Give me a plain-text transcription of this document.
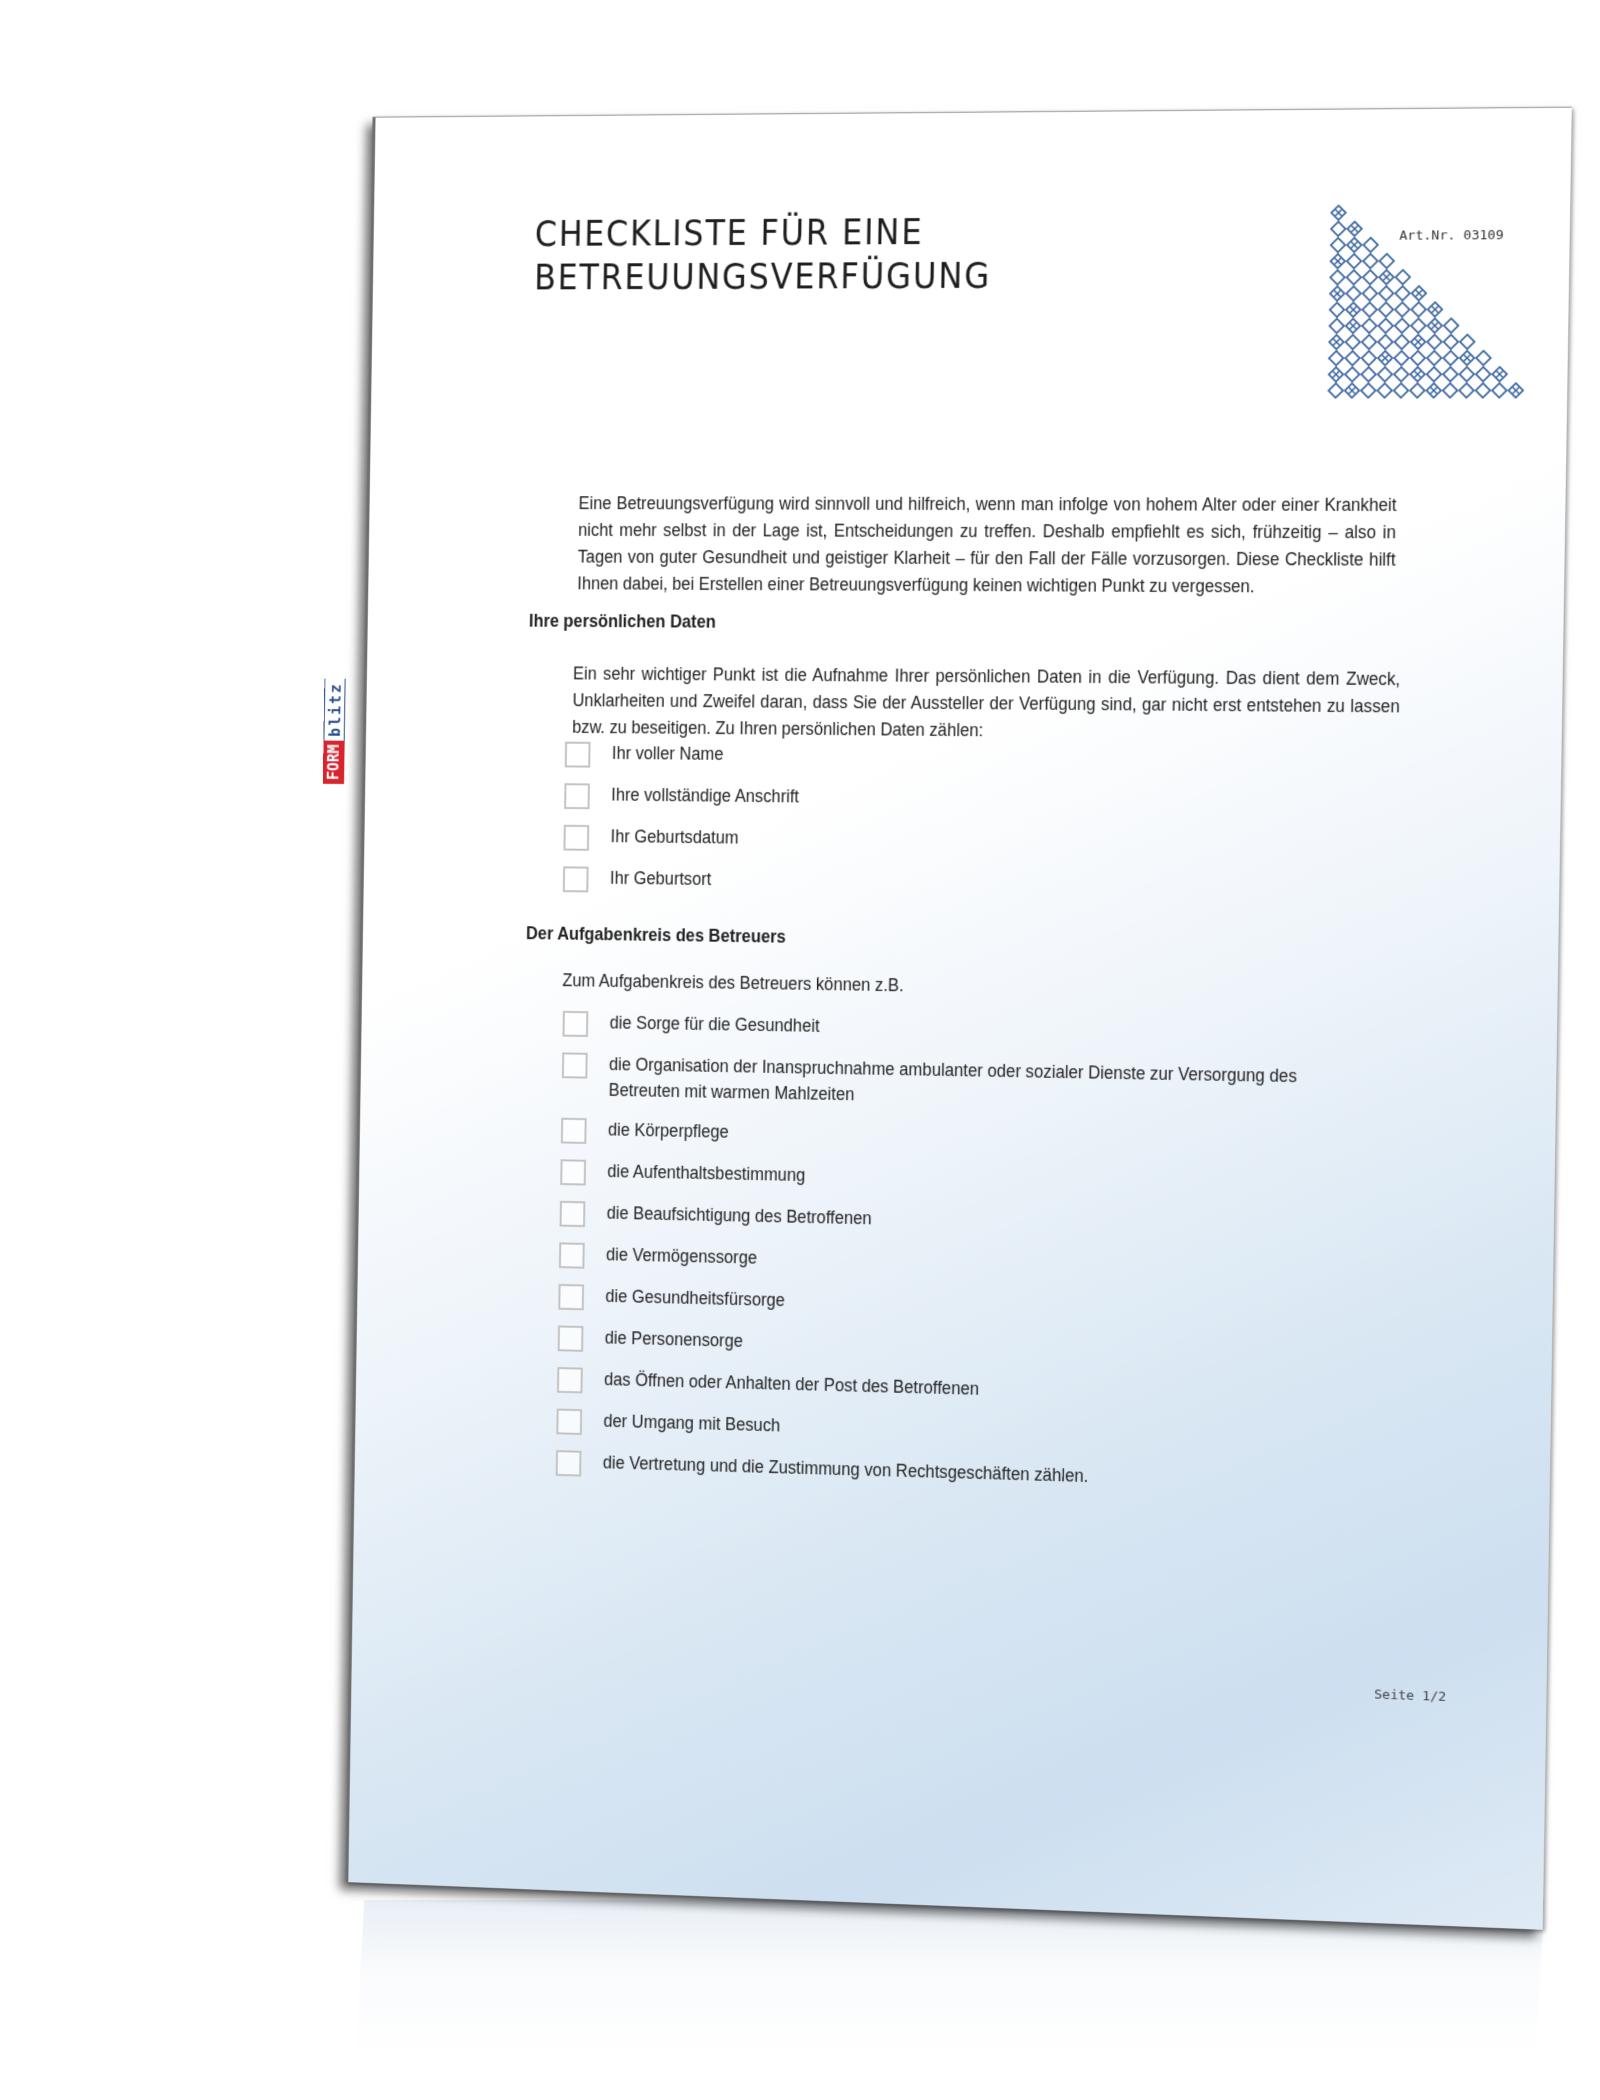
CHECKLISTE FÜR EINE
BETREUUNGSVERFÜGUNG
Art.Nr. 03109

Eine Betreuungsverfügung wird sinnvoll und hilfreich, wenn man infolge von hohem Alter oder einer Krankheit nicht mehr selbst in der Lage ist, Entscheidungen zu treffen. Deshalb empfiehlt es sich, frühzeitig – also in Tagen von guter Gesundheit und geistiger Klarheit – für den Fall der Fälle vorzusorgen. Diese Checkliste hilft Ihnen dabei, bei Erstellen einer Betreuungsverfügung keinen wichtigen Punkt zu vergessen.

Ihre persönlichen Daten

Ein sehr wichtiger Punkt ist die Aufnahme Ihrer persönlichen Daten in die Verfügung. Das dient dem Zweck, Unklarheiten und Zweifel daran, dass Sie der Aussteller der Verfügung sind, gar nicht erst entstehen zu lassen bzw. zu beseitigen. Zu Ihren persönlichen Daten zählen:

Ihr voller Name
Ihre vollständige Anschrift
Ihr Geburtsdatum
Ihr Geburtsort
FORM
blitz
Der Aufgabenkreis des Betreuers

Zum Aufgabenkreis des Betreuers können z.B.

die Sorge für die Gesundheit
die Organisation der Inanspruchnahme ambulanter oder sozialer Dienste zur Versorgung des Betreuten mit warmen Mahlzeiten
die Körperpflege
die Aufenthaltsbestimmung
die Beaufsichtigung des Betroffenen
die Vermögenssorge
die Gesundheitsfürsorge
die Personensorge
das Öffnen oder Anhalten der Post des Betroffenen
der Umgang mit Besuch
die Vertretung und die Zustimmung von Rechtsgeschäften zählen.
Seite 1/2
